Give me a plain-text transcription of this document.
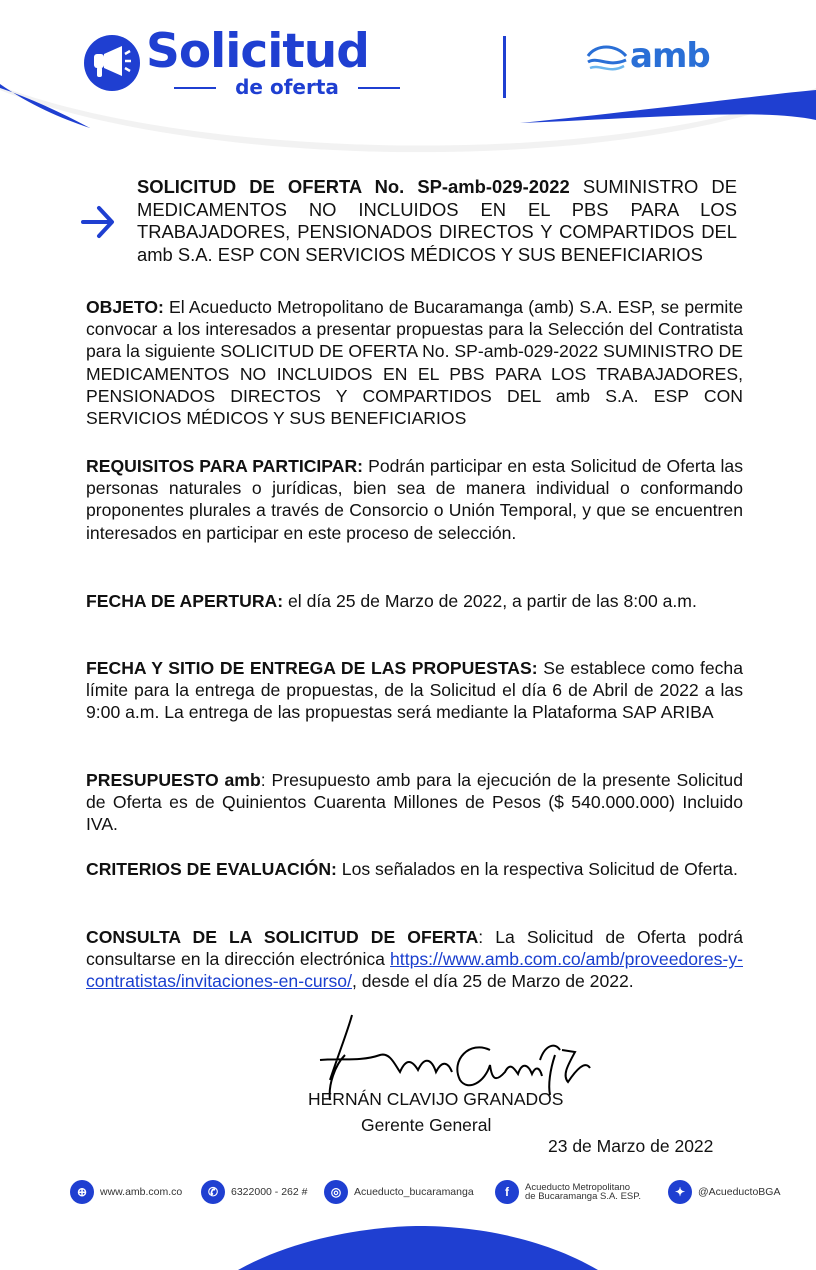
Solicitud
de oferta
amb
SOLICITUD DE OFERTA No. SP-amb-029-2022 SUMINISTRO DE MEDICAMENTOS NO INCLUIDOS EN EL PBS PARA LOS TRABAJADORES, PENSIONADOS DIRECTOS Y COMPARTIDOS DEL amb S.A. ESP CON SERVICIOS MÉDICOS Y SUS BENEFICIARIOS

OBJETO: El Acueducto Metropolitano de Bucaramanga (amb) S.A. ESP, se permite convocar a los interesados a presentar propuestas para la Selección del Contratista para la siguiente SOLICITUD DE OFERTA No. SP-amb-029-2022 SUMINISTRO DE MEDICAMENTOS NO INCLUIDOS EN EL PBS PARA LOS TRABAJADORES, PENSIONADOS DIRECTOS Y COMPARTIDOS DEL amb S.A. ESP CON SERVICIOS MÉDICOS Y SUS BENEFICIARIOS

REQUISITOS PARA PARTICIPAR: Podrán participar en esta Solicitud de Oferta las personas naturales o jurídicas, bien sea de manera individual o conformando proponentes plurales a través de Consorcio o Unión Temporal, y que se encuentren interesados en participar en este proceso de selección.

FECHA DE APERTURA: el día 25 de Marzo de 2022, a partir de las 8:00 a.m.

FECHA Y SITIO DE ENTREGA DE LAS PROPUESTAS: Se establece como fecha límite para la entrega de propuestas, de la Solicitud el día 6 de Abril de 2022 a las 9:00 a.m. La entrega de las propuestas será mediante la Plataforma SAP ARIBA

PRESUPUESTO amb: Presupuesto amb para la ejecución de la presente Solicitud de Oferta es de Quinientos Cuarenta Millones de Pesos ($ 540.000.000) Incluido IVA.

CRITERIOS DE EVALUACIÓN: Los señalados en la respectiva Solicitud de Oferta.

CONSULTA DE LA SOLICITUD DE OFERTA: La Solicitud de Oferta podrá consultarse en la dirección electrónica https://www.amb.com.co/amb/proveedores-y-contratistas/invitaciones-en-curso/, desde el día 25 de Marzo de 2022.

HERNÁN CLAVIJO GRANADOS
Gerente General
23 de Marzo de 2022
⊕	www.amb.com.co	✆	6322000 - 262 #	◎	Acueducto_bucaramanga	f	Acueducto Metropolitano
de Bucaramanga S.A. ESP.	✦	@AcueductoBGA
